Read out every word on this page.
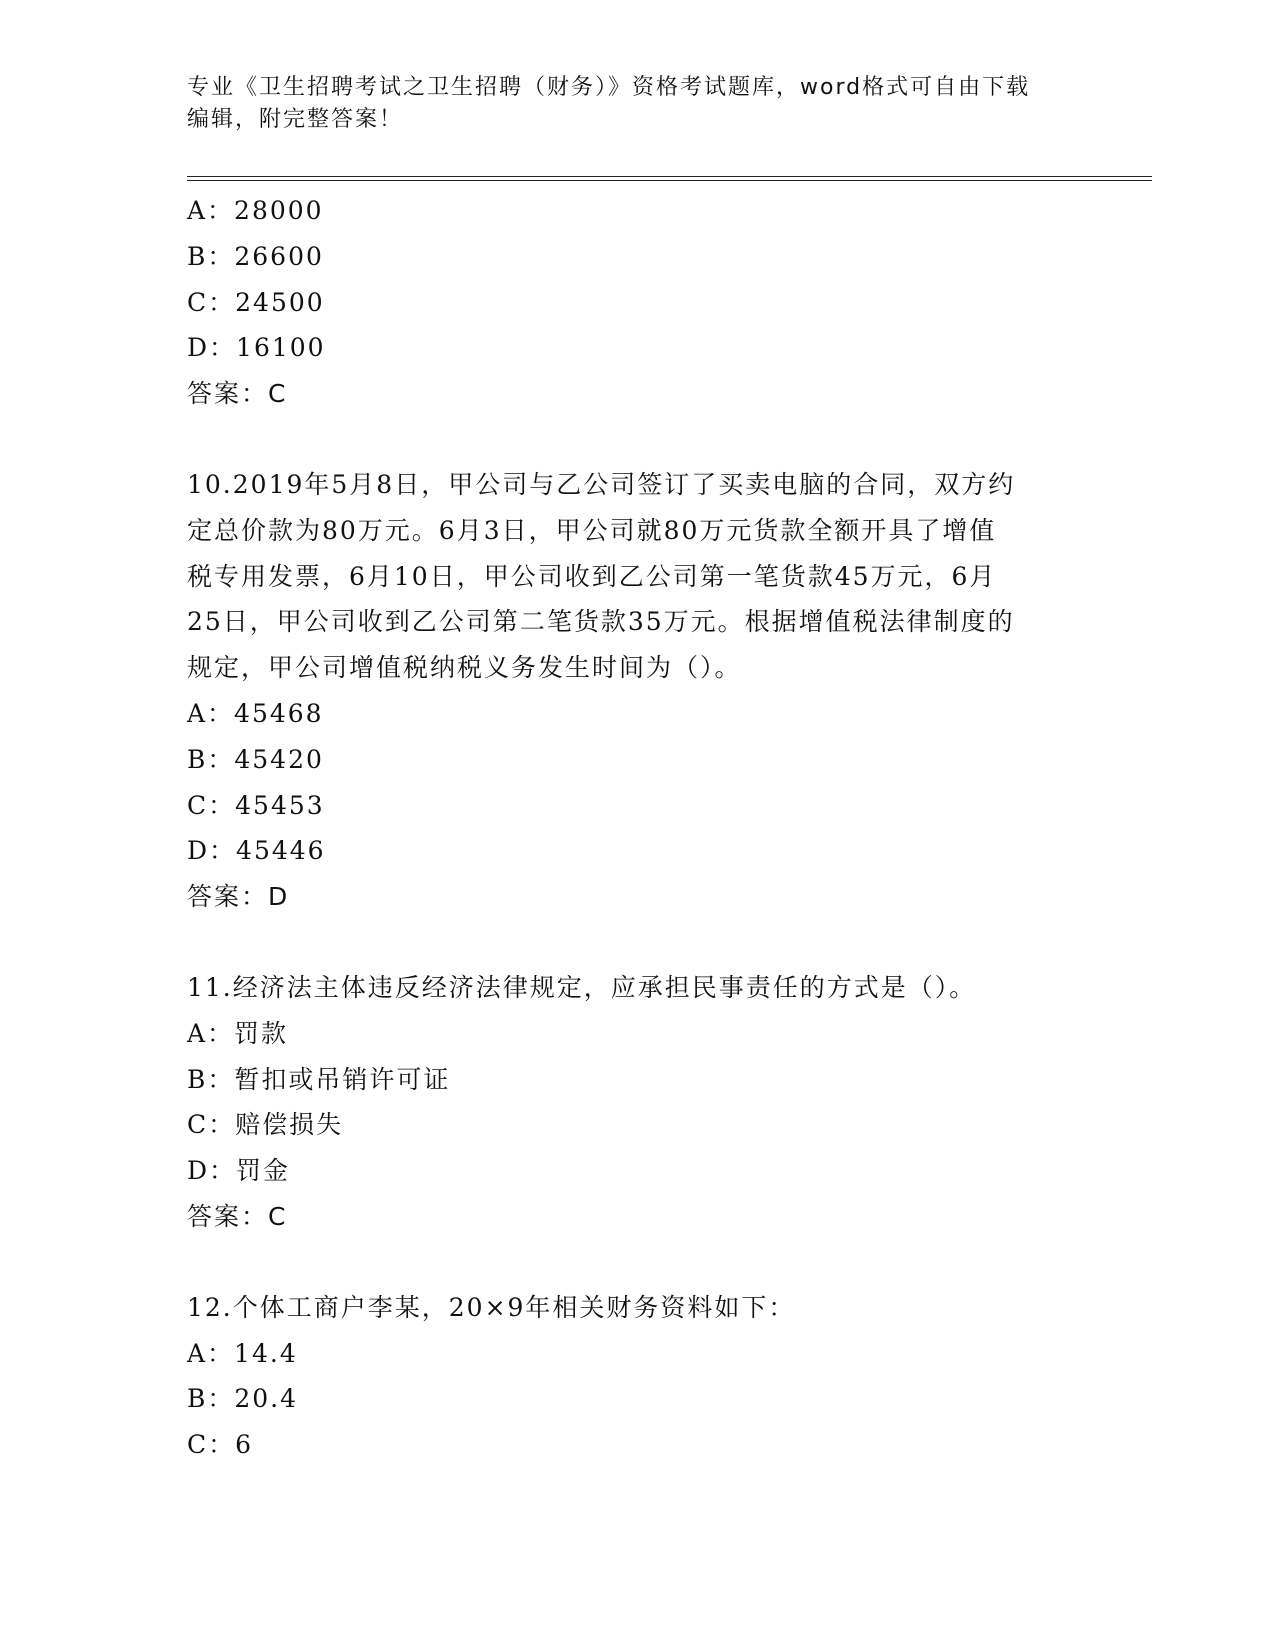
专业《卫生招聘考试之卫生招聘（财务）》资格考试题库，word格式可自由下载
编辑，附完整答案！
A：28000
B：26600
C：24500
D：16100
答案：C
10.2019年5月8日，甲公司与乙公司签订了买卖电脑的合同，双方约
定总价款为80万元。6月3日，甲公司就80万元货款全额开具了增值
税专用发票，6月10日，甲公司收到乙公司第一笔货款45万元，6月
25日，甲公司收到乙公司第二笔货款35万元。根据增值税法律制度的
规定，甲公司增值税纳税义务发生时间为（）。
A：45468
B：45420
C：45453
D：45446
答案：D
11.经济法主体违反经济法律规定，应承担民事责任的方式是（）。
A：罚款
B：暂扣或吊销许可证
C：赔偿损失
D：罚金
答案：C
12.个体工商户李某，20×9年相关财务资料如下：
A：14.4
B：20.4
C：6
